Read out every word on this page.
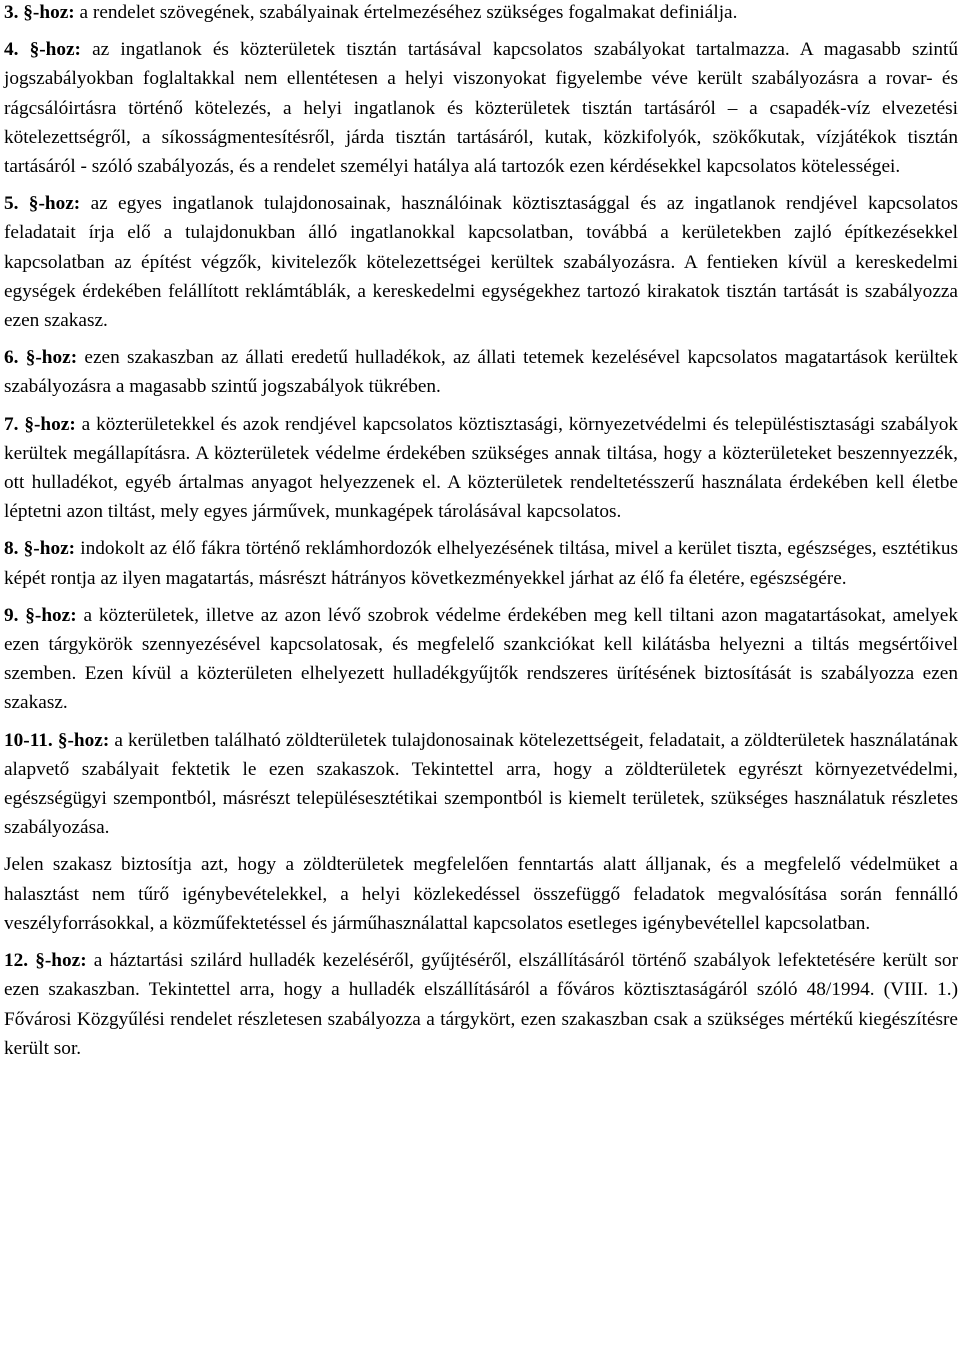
3. §-hoz: a rendelet szövegének, szabályainak értelmezéséhez szükséges fogalmakat definiálja.

4. §-hoz: az ingatlanok és közterületek tisztán tartásával kapcsolatos szabályokat tartalmazza. A magasabb szintű jogszabályokban foglaltakkal nem ellentétesen a helyi viszonyokat figyelembe véve került szabályozásra a rovar- és rágcsálóirtásra történő kötelezés, a helyi ingatlanok és közterületek tisztán tartásáról – a csapadék-víz elvezetési kötelezettségről, a síkosságmentesítésről, járda tisztán tartásáról, kutak, közkifolyók, szökőkutak, vízjátékok tisztán tartásáról - szóló szabályozás, és a rendelet személyi hatálya alá tartozók ezen kérdésekkel kapcsolatos kötelességei.

5. §-hoz: az egyes ingatlanok tulajdonosainak, használóinak köztisztasággal és az ingatlanok rendjével kapcsolatos feladatait írja elő a tulajdonukban álló ingatlanokkal kapcsolatban, továbbá a kerületekben zajló építkezésekkel kapcsolatban az építést végzők, kivitelezők kötelezettségei kerültek szabályozásra. A fentieken kívül a kereskedelmi egységek érdekében felállított reklámtáblák, a kereskedelmi egységekhez tartozó kirakatok tisztán tartását is szabályozza ezen szakasz.

6. §-hoz: ezen szakaszban az állati eredetű hulladékok, az állati tetemek kezelésével kapcsolatos magatartások kerültek szabályozásra a magasabb szintű jogszabályok tükrében.

7. §-hoz: a közterületekkel és azok rendjével kapcsolatos köztisztasági, környezetvédelmi és településtisztasági szabályok kerültek megállapításra. A közterületek védelme érdekében szükséges annak tiltása, hogy a közterületeket beszennyezzék, ott hulladékot, egyéb ártalmas anyagot helyezzenek el. A közterületek rendeltetésszerű használata érdekében kell életbe léptetni azon tiltást, mely egyes járművek, munkagépek tárolásával kapcsolatos.

8. §-hoz: indokolt az élő fákra történő reklámhordozók elhelyezésének tiltása, mivel a kerület tiszta, egészséges, esztétikus képét rontja az ilyen magatartás, másrészt hátrányos következményekkel járhat az élő fa életére, egészségére.

9. §-hoz: a közterületek, illetve az azon lévő szobrok védelme érdekében meg kell tiltani azon magatartásokat, amelyek ezen tárgykörök szennyezésével kapcsolatosak, és megfelelő szankciókat kell kilátásba helyezni a tiltás megsértőivel szemben. Ezen kívül a közterületen elhelyezett hulladékgyűjtők rendszeres ürítésének biztosítását is szabályozza ezen szakasz.

10-11. §-hoz: a kerületben található zöldterületek tulajdonosainak kötelezettségeit, feladatait, a zöldterületek használatának alapvető szabályait fektetik le ezen szakaszok. Tekintettel arra, hogy a zöldterületek egyrészt környezetvédelmi, egészségügyi szempontból, másrészt településesztétikai szempontból is kiemelt területek, szükséges használatuk részletes szabályozása.

Jelen szakasz biztosítja azt, hogy a zöldterületek megfelelően fenntartás alatt álljanak, és a megfelelő védelmüket a halasztást nem tűrő igénybevételekkel, a helyi közlekedéssel összefüggő feladatok megvalósítása során fennálló veszélyforrásokkal, a közműfektetéssel és járműhasználattal kapcsolatos esetleges igénybevétellel kapcsolatban.

12. §-hoz: a háztartási szilárd hulladék kezeléséről, gyűjtéséről, elszállításáról történő szabályok lefektetésére került sor ezen szakaszban. Tekintettel arra, hogy a hulladék elszállításáról a főváros köztisztaságáról szóló 48/1994. (VIII. 1.) Fővárosi Közgyűlési rendelet részletesen szabályozza a tárgykört, ezen szakaszban csak a szükséges mértékű kiegészítésre került sor.
